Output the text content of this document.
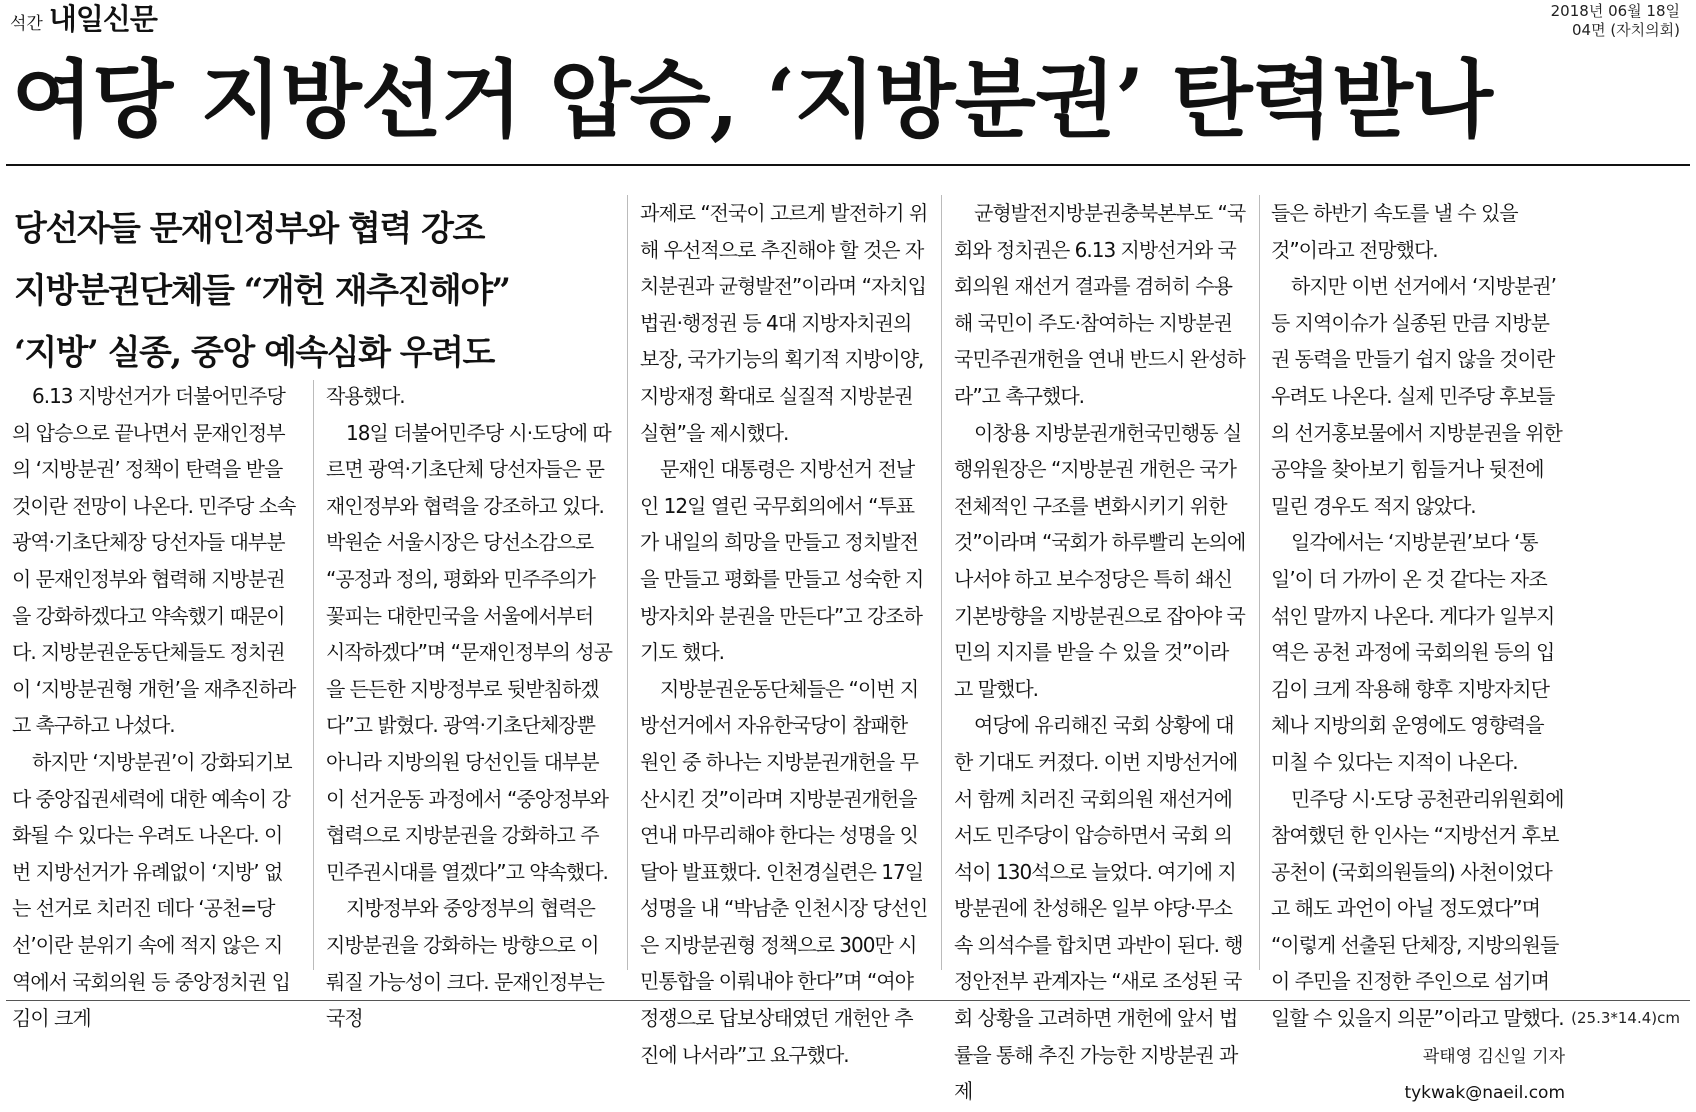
석간 내일신문	2018년 06월 18일
04면 (자치의회)
여당 지방선거 압승, ‘지방분권’ 탄력받나
당선자들 문재인정부와 협력 강조
지방분권단체들 “개헌 재추진해야”
‘지방’ 실종, 중앙 예속심화 우려도

6.13 지방선거가 더불어민주당의 압승으로 끝나면서 문재인정부의 ‘지방분권’ 정책이 탄력을 받을 것이란 전망이 나온다. 민주당 소속 광역·기초단체장 당선자들 대부분이 문재인정부와 협력해 지방분권을 강화하겠다고 약속했기 때문이다. 지방분권운동단체들도 정치권이 ‘지방분권형 개헌’을 재추진하라고 촉구하고 나섰다.

하지만 ‘지방분권’이 강화되기보다 중앙집권세력에 대한 예속이 강화될 수 있다는 우려도 나온다. 이번 지방선거가 유례없이 ‘지방’ 없는 선거로 치러진 데다 ‘공천=당선’이란 분위기 속에 적지 않은 지역에서 국회의원 등 중앙정치권 입김이 크게

작용했다.

18일 더불어민주당 시·도당에 따르면 광역·기초단체 당선자들은 문재인정부와 협력을 강조하고 있다. 박원순 서울시장은 당선소감으로 “공정과 정의, 평화와 민주주의가 꽃피는 대한민국을 서울에서부터 시작하겠다”며 “문재인정부의 성공을 든든한 지방정부로 뒷받침하겠다”고 밝혔다. 광역·기초단체장뿐 아니라 지방의원 당선인들 대부분이 선거운동 과정에서 “중앙정부와 협력으로 지방분권을 강화하고 주민주권시대를 열겠다”고 약속했다.

지방정부와 중앙정부의 협력은 지방분권을 강화하는 방향으로 이뤄질 가능성이 크다. 문재인정부는 국정

과제로 “전국이 고르게 발전하기 위해 우선적으로 추진해야 할 것은 자치분권과 균형발전”이라며 “자치입법권·행정권 등 4대 지방자치권의 보장, 국가기능의 획기적 지방이양, 지방재정 확대로 실질적 지방분권 실현”을 제시했다.

문재인 대통령은 지방선거 전날인 12일 열린 국무회의에서 “투표가 내일의 희망을 만들고 정치발전을 만들고 평화를 만들고 성숙한 지방자치와 분권을 만든다”고 강조하기도 했다.

지방분권운동단체들은 “이번 지방선거에서 자유한국당이 참패한 원인 중 하나는 지방분권개헌을 무산시킨 것”이라며 지방분권개헌을 연내 마무리해야 한다는 성명을 잇달아 발표했다. 인천경실련은 17일 성명을 내 “박남춘 인천시장 당선인은 지방분권형 정책으로 300만 시민통합을 이뤄내야 한다”며 “여야 정쟁으로 답보상태였던 개헌안 추진에 나서라”고 요구했다.

균형발전지방분권충북본부도 “국회와 정치권은 6.13 지방선거와 국회의원 재선거 결과를 겸허히 수용해 국민이 주도·참여하는 지방분권 국민주권개헌을 연내 반드시 완성하라”고 촉구했다.

이창용 지방분권개헌국민행동 실행위원장은 “지방분권 개헌은 국가 전체적인 구조를 변화시키기 위한 것”이라며 “국회가 하루빨리 논의에 나서야 하고 보수정당은 특히 쇄신 기본방향을 지방분권으로 잡아야 국민의 지지를 받을 수 있을 것”이라고 말했다.

여당에 유리해진 국회 상황에 대한 기대도 커졌다. 이번 지방선거에서 함께 치러진 국회의원 재선거에서도 민주당이 압승하면서 국회 의석이 130석으로 늘었다. 여기에 지방분권에 찬성해온 일부 야당·무소속 의석수를 합치면 과반이 된다. 행정안전부 관계자는 “새로 조성된 국회 상황을 고려하면 개헌에 앞서 법률을 통해 추진 가능한 지방분권 과제

들은 하반기 속도를 낼 수 있을 것”이라고 전망했다.

하지만 이번 선거에서 ‘지방분권’ 등 지역이슈가 실종된 만큼 지방분권 동력을 만들기 쉽지 않을 것이란 우려도 나온다. 실제 민주당 후보들의 선거홍보물에서 지방분권을 위한 공약을 찾아보기 힘들거나 뒷전에 밀린 경우도 적지 않았다.

일각에서는 ‘지방분권’보다 ‘통일’이 더 가까이 온 것 같다는 자조 섞인 말까지 나온다. 게다가 일부지역은 공천 과정에 국회의원 등의 입김이 크게 작용해 향후 지방자치단체나 지방의회 운영에도 영향력을 미칠 수 있다는 지적이 나온다.

민주당 시·도당 공천관리위원회에 참여했던 한 인사는 “지방선거 후보 공천이 (국회의원들의) 사천이었다고 해도 과언이 아닐 정도였다”며 “이렇게 선출된 단체장, 지방의원들이 주민을 진정한 주인으로 섬기며 일할 수 있을지 의문”이라고 말했다.

곽태영 김신일 기자 tykwak@naeil.com
(25.3*14.4)cm
